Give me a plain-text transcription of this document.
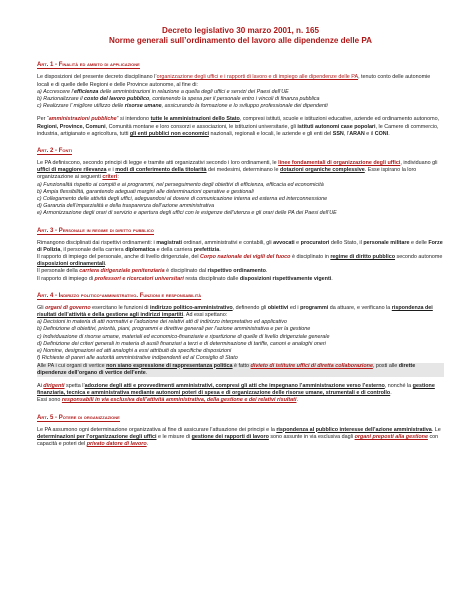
Decreto legislativo 30 marzo 2001, n. 165
Norme generali sull’ordinamento del lavoro alle dipendenze delle PA
Art. 1 - Finalità ed ambito di applicazione

Le disposizioni del presente decreto disciplinano l’organizzazione degli uffici e i rapporti di lavoro e di impiego alle dipendenze delle PA, tenuto conto delle autonomie locali e di quelle delle Regioni e delle Province autonome, al fine di:

a) Accrescere l’efficienza delle amministrazioni in relazione a quella degli uffici e servizi dei Paesi dell’UE

b) Razionalizzare il costo del lavoro pubblico, contenendo la spesa per il personale entro i vincoli di finanza pubblica

c) Realizzare l’ migliore utilizzo delle risorse umane, assicurando la formazione e lo sviluppo professionale dei dipendenti

Per “amministrazioni pubbliche” si intendono tutte le amministrazioni dello Stato, compresi istituti, scuole e istituzioni educative, aziende ed ordinamento autonomo, Regioni, Province, Comuni, Comunità montane e loro consorzi e associazioni, le istituzioni universitarie, gli istituti autonomi case popolari, le Camere di commercio, industria, artigianato e agricoltura, tutti gli enti pubblici non economici nazionali, regionali e locali, le aziende e gli enti del SSN, l’ARAN e il CONI.

Art. 2 - Fonti

Le PA definiscono, secondo principi di legge e tramite atti organizzativi secondo i loro ordinamenti, le linee fondamentali di organizzazione degli uffici, individuano gli uffici di maggiore rilevanza e i modi di conferimento della titolarità dei medesimi, determinano le dotazioni organiche complessive. Esse ispirano la loro organizzazione ai seguenti criteri:

a) Funzionalità rispetto ai compiti e ai programmi, nel perseguimento degli obiettivi di efficienza, efficacia ed economicità

b) Ampia flessibilità, garantendo adeguati margini alle determinazioni operative e gestionali

c) Collegamento delle attività degli uffici, adeguandosi al dovere di comunicazione interna ed esterna ed interconnessione

d) Garanzia dell’imparzialità e della trasparenza dell’azione amministrativa

e) Armonizzazione degli orari di servizio e apertura degli uffici con le esigenze dell’utenza e gli orari delle PA dei Paesi dell’UE

Art. 3 - Personale in regime di diritto pubblico

Rimangono disciplinati dai rispettivi ordinamenti: i magistrati ordinari, amministrativi e contabili, gli avvocati e procuratori dello Stato, il personale militare e delle Forze di Polizia, il personale della carriera diplomatica e della carriera prefettizia.

Il rapporto di impiego del personale, anche di livello dirigenziale, del Corpo nazionale dei vigili del fuoco è disciplinato in regime di diritto pubblico secondo autonome disposizioni ordinamentali.

Il personale della carriera dirigenziale penitenziaria è disciplinato dal rispettivo ordinamento.

Il rapporto di impiego di professori e ricercatori universitari resta disciplinato dalle disposizioni rispettivamente vigenti.

Art. 4 - Indirizzo politico-amministrativo. Funzioni e responsabilità

Gli organi di governo esercitano le funzioni di indirizzo politico-amministrativo, definendo gli obiettivi ed i programmi da attuare, e verificano la rispondenza dei risultati dell’attività e della gestione agli indirizzi impartiti. Ad essi spettano:

a) Decisioni in materia di atti normativi e l’adozione dei relativi atti di indirizzo interpretativo ed applicativo

b) Definizione di obiettivi, priorità, piani, programmi e direttive generali per l’azione amministrativa e per la gestione

c) Individuazione di risorse umane, materiali ed economico-finanziarie e ripartizione di quelle di livello dirigenziale generale

d) Definizione dei criteri generali in materia di ausili finanziari a terzi e di determinazione di tariffe, canoni e analoghi oneri

e) Nomine, designazioni ed atti analoghi a essi attribuiti da specifiche disposizioni

f) Richieste di pareri alle autorità amministrative indipendenti ed al Consiglio di Stato

Alle PA i cui organi di vertice non siano espressione di rappresentanza politica è fatto divieto di istituire uffici di diretta collaborazione, posti alle dirette dipendenze dell’organo di vertice dell’ente.

Ai dirigenti spetta l’adozione degli atti e provvedimenti amministrativi, compresi gli atti che impegnano l’amministrazione verso l’esterno, nonché la gestione finanziaria, tecnica e amministrativa mediante autonomi poteri di spesa e di organizzazione delle risorse umane, strumentali e di controllo.

Essi sono responsabili in via esclusiva dell’attività amministrativa, della gestione e dei relativi risultati.

Art. 5 - Potere di organizzazione

Le PA assumono ogni determinazione organizzativa al fine di assicurare l’attuazione dei principi e la rispondenza al pubblico interesse dell’azione amministrativa. Le determinazioni per l’organizzazione degli uffici e le misure di gestione dei rapporti di lavoro sono assunte in via esclusiva dagli organi preposti alla gestione con capacità e poteri del privato datore di lavoro.
